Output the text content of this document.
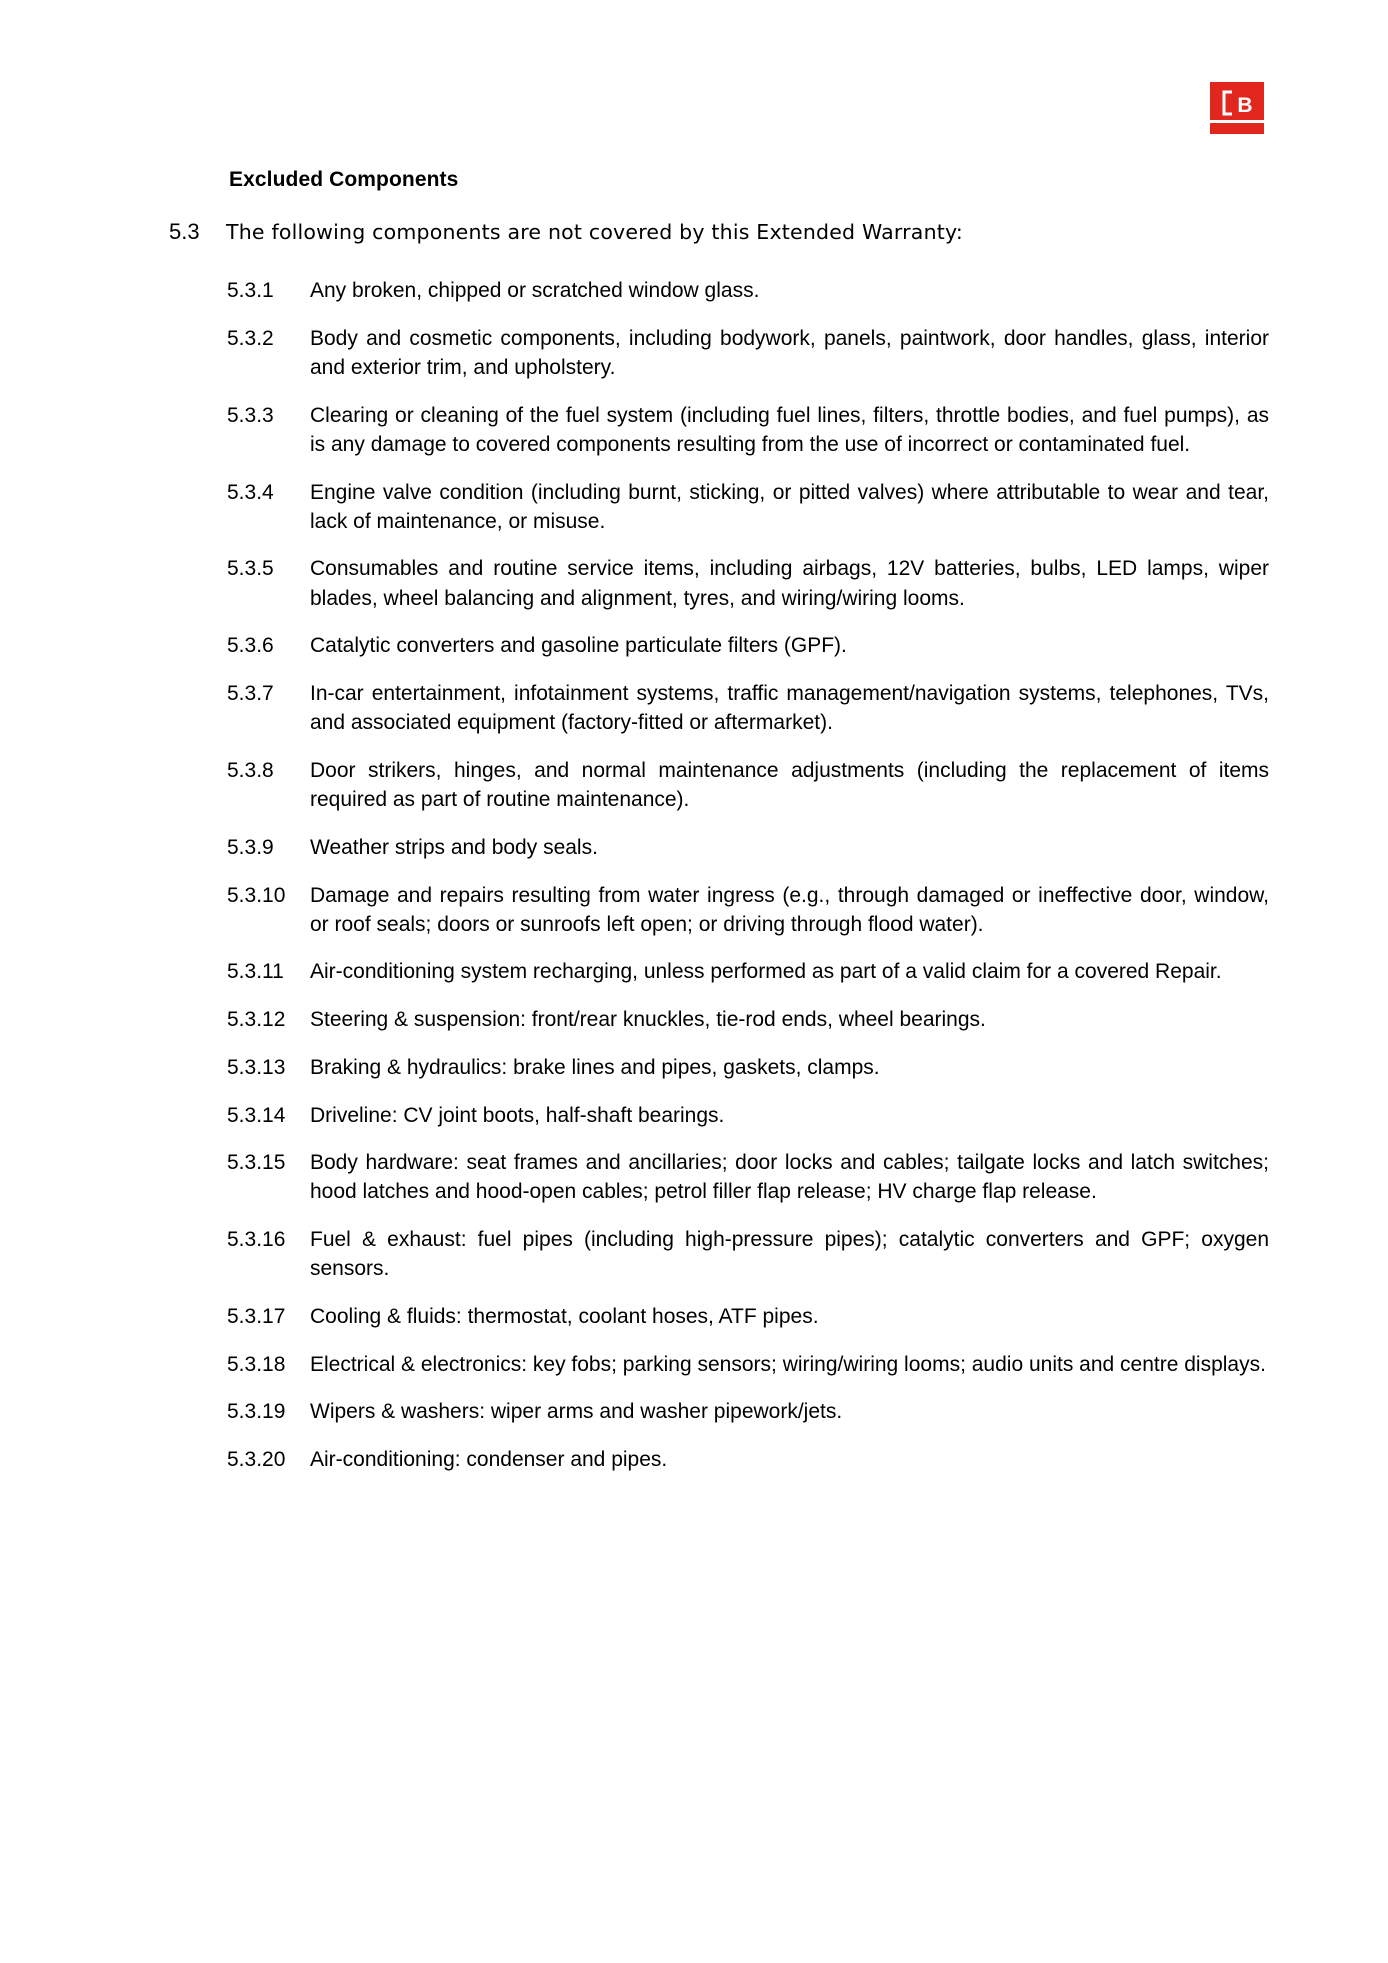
B
Excluded Components
5.3	The following components are not covered by this Extended Warranty:
5.3.1	Any broken, chipped or scratched window glass.
5.3.2	Body and cosmetic components, including bodywork, panels, paintwork, door handles, glass, interior and exterior trim, and upholstery.
5.3.3	Clearing or cleaning of the fuel system (including fuel lines, filters, throttle bodies, and fuel pumps), as is any damage to covered components resulting from the use of incorrect or contaminated fuel.
5.3.4	Engine valve condition (including burnt, sticking, or pitted valves) where attributable to wear and tear, lack of maintenance, or misuse.
5.3.5	Consumables and routine service items, including airbags, 12V batteries, bulbs, LED lamps, wiper blades, wheel balancing and alignment, tyres, and wiring/wiring looms.
5.3.6	Catalytic converters and gasoline particulate filters (GPF).
5.3.7	In-car entertainment, infotainment systems, traffic management/navigation systems, telephones, TVs, and associated equipment (factory-fitted or aftermarket).
5.3.8	Door strikers, hinges, and normal maintenance adjustments (including the replacement of items required as part of routine maintenance).
5.3.9	Weather strips and body seals.
5.3.10	Damage and repairs resulting from water ingress (e.g., through damaged or ineffective door, window, or roof seals; doors or sunroofs left open; or driving through flood water).
5.3.11	Air-conditioning system recharging, unless performed as part of a valid claim for a covered Repair.
5.3.12	Steering & suspension: front/rear knuckles, tie-rod ends, wheel bearings.
5.3.13	Braking & hydraulics: brake lines and pipes, gaskets, clamps.
5.3.14	Driveline: CV joint boots, half-shaft bearings.
5.3.15	Body hardware: seat frames and ancillaries; door locks and cables; tailgate locks and latch switches; hood latches and hood-open cables; petrol filler flap release; HV charge flap release.
5.3.16	Fuel & exhaust: fuel pipes (including high-pressure pipes); catalytic converters and GPF; oxygen sensors.
5.3.17	Cooling & fluids: thermostat, coolant hoses, ATF pipes.
5.3.18	Electrical & electronics: key fobs; parking sensors; wiring/wiring looms; audio units and centre displays.
5.3.19	Wipers & washers: wiper arms and washer pipework/jets.
5.3.20	Air-conditioning: condenser and pipes.
